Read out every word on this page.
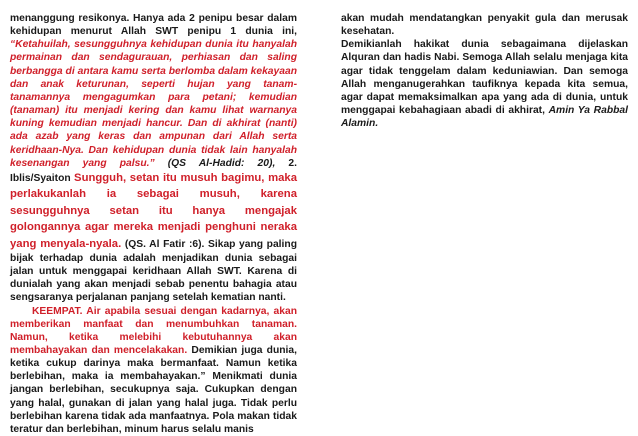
menanggung resikonya. Hanya ada 2 penipu besar dalam kehidupan menurut Allah SWT penipu 1 dunia ini, “Ketahuilah, sesungguhnya kehidupan dunia itu hanyalah permainan dan sendagurauan, perhiasan dan saling berbangga di antara kamu serta berlomba dalam kekayaan dan anak keturunan, seperti hujan yang tanam-tanamannya mengagumkan para petani; kemudian (tanaman) itu menjadi kering dan kamu lihat warnanya kuning kemudian menjadi hancur. Dan di akhirat (nanti) ada azab yang keras dan ampunan dari Allah serta keridhaan-Nya. Dan kehidupan dunia tidak lain hanyalah kesenangan yang palsu.” (QS Al-Hadid: 20), 2. Iblis/Syaiton Sungguh, setan itu musuh bagimu, maka perlakukanlah ia sebagai musuh, karena sesungguhnya setan itu hanya mengajak golongannya agar mereka menjadi penghuni neraka yang menyala-nyala. (QS. Al Fatir :6). Sikap yang paling bijak terhadap dunia adalah menjadikan dunia sebagai jalan untuk menggapai keridhaan Allah SWT. Karena di dunialah yang akan menjadi sebab penentu bahagia atau sengsaranya perjalanan panjang setelah kematian nanti.

KEEMPAT. Air apabila sesuai dengan kadarnya, akan memberikan manfaat dan menumbuhkan tanaman. Namun, ketika melebihi kebutuhannya akan membahayakan dan mencelakakan. Demikian juga dunia, ketika cukup darinya maka bermanfaat. Namun ketika berlebihan, maka ia membahayakan.” Menikmati dunia jangan berlebihan, secukupnya saja. Cukupkan dengan yang halal, gunakan di jalan yang halal juga. Tidak perlu berlebihan karena tidak ada manfaatnya. Pola makan tidak teratur dan berlebihan, minum harus selalu manis

akan mudah mendatangkan penyakit gula dan merusak kesehatan.

Demikianlah hakikat dunia sebagaimana dijelaskan Alquran dan hadis Nabi. Semoga Allah selalu menjaga kita agar tidak tenggelam dalam keduniawian. Dan semoga Allah menganugerahkan taufiknya kepada kita semua, agar dapat memaksimalkan apa yang ada di dunia, untuk menggapai kebahagiaan abadi di akhirat, Amin Ya Rabbal Alamin.
